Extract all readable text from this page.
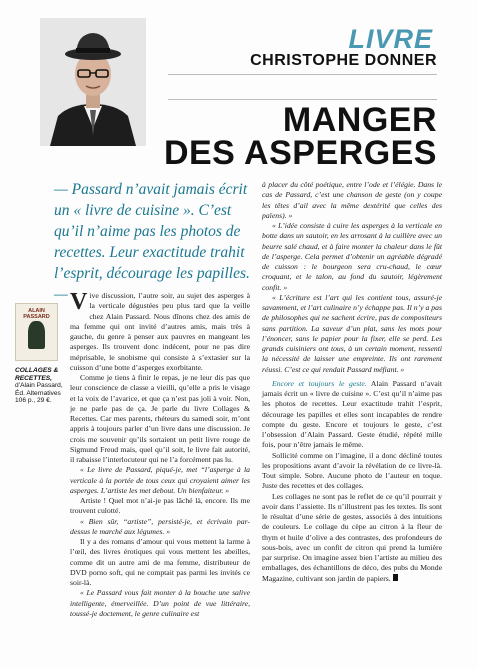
LIVRE
CHRISTOPHE DONNER
MANGER
DES ASPERGES
— Passard n’avait jamais écrit un « livre de cuisine ». C’est qu’il n’aime pas les photos de recettes. Leur exactitude trahit l’esprit, décourage les papilles. —
ALAIN PASSARD
COLLAGES & RECETTES,
d’Alain Passard,
Éd. Alternatives
106 p., 29 €.

Vive discussion, l’autre soir, au sujet des asperges à la verticale dégustées peu plus tard que la veille chez Alain Passard. Nous dînons chez des amis de ma femme qui ont invité d’autres amis, mais très à gauche, du genre à penser aux pauvres en mangeant les asperges. Ils trouvent donc indécent, pour ne pas dire méprisable, le snobisme qui consiste à s’extasier sur la cuisson d’une botte d’asperges exorbitante.

Comme je tiens à finir le repas, je ne leur dis pas que leur conscience de classe a vieilli, qu’elle a pris le visage et la voix de l’avarice, et que ça n’est pas joli à voir. Non, je ne parle pas de ça. Je parle du livre Collages & Recettes. Car mes parents, rhéteurs du samedi soir, m’ont appris à toujours parler d’un livre dans une discussion. Je crois me souvenir qu’ils sortaient un petit livre rouge de Sigmund Freud mais, quel qu’il soit, le livre fait autorité, il rabaisse l’interlocuteur qui ne l’a forcément pas lu.

« Le livre de Passard, piqué-je, met “l’asperge à la verticale à la portée de tous ceux qui croyaient aimer les asperges. L’artiste les met debout. Un bienfaiteur. »

Artiste ! Quel mot n’ai-je pas lâché là, encore. Ils me trouvent culotté.

« Bien sûr, “artiste”, persisté-je, et écrivain par-dessus le marché aux légumes. »

Il y a des romans d’amour qui vous mettent la larme à l’œil, des livres érotiques qui vous mettent les abeilles, comme dit un autre ami de ma femme, distributeur de DVD porno soft, qui ne comptait pas parmi les invités ce soir-là.

« Le Passard vous fait monter à la bouche une salive intelligente, émerveillée. D’un point de vue littéraire, toussé-je doctement, le genre culinaire est

à placer du côté poétique, entre l’ode et l’élégie. Dans le cas de Passard, c’est une chanson de geste (on y coupe les têtes d’ail avec la même dextérité que celles des païens). »

« L’idée consiste à cuire les asperges à la verticale en botte dans un sautoir, en les arrosant à la cuillère avec un beurre salé chaud, et à faire monter la chaleur dans le fût de l’asperge. Cela permet d’obtenir un agréable dégradé de cuisson : le bourgeon sera cru-chaud, le cœur croquant, et le talon, au fond du sautoir, légèrement confit. »

« L’écriture est l’art qui les contient tous, assuré-je savamment, et l’art culinaire n’y échappe pas. Il n’y a pas de philosophes qui ne sachent écrire, pas de compositeurs sans partition. La saveur d’un plat, sans les mots pour l’énoncer, sans le papier pour la fixer, elle se perd. Les grands cuisiniers ont tous, à un certain moment, ressenti la nécessité de laisser une empreinte. Ils ont rarement réussi. C’est ce qui rendait Passard méfiant. »

Encore et toujours le geste. Alain Passard n’avait jamais écrit un « livre de cuisine ». C’est qu’il n’aime pas les photos de recettes. Leur exactitude trahit l’esprit, décourage les papilles et elles sont incapables de rendre compte du geste. Encore et toujours le geste, c’est l’obsession d’Alain Passard. Geste étudié, répété mille fois, pour n’être jamais le même.

Sollicité comme on l’imagine, il a donc décliné toutes les propositions avant d’avoir la révélation de ce livre-là. Tout simple. Sobre. Aucune photo de l’auteur en toque. Juste des recettes et des collages.

Les collages ne sont pas le reflet de ce qu’il pourrait y avoir dans l’assiette. Ils n’illustrent pas les textes. Ils sont le résultat d’une série de gestes, associés à des intuitions de couleurs. Le collage du cèpe au citron à la fleur de thym et huile d’olive a des contrastes, des profondeurs de sous-bois, avec un confit de citron qui prend la lumière par surprise. On imagine assez bien l’artiste au milieu des emballages, des échantillons de déco, des pubs du Monde Magazine, cultivant son jardin de papiers.
